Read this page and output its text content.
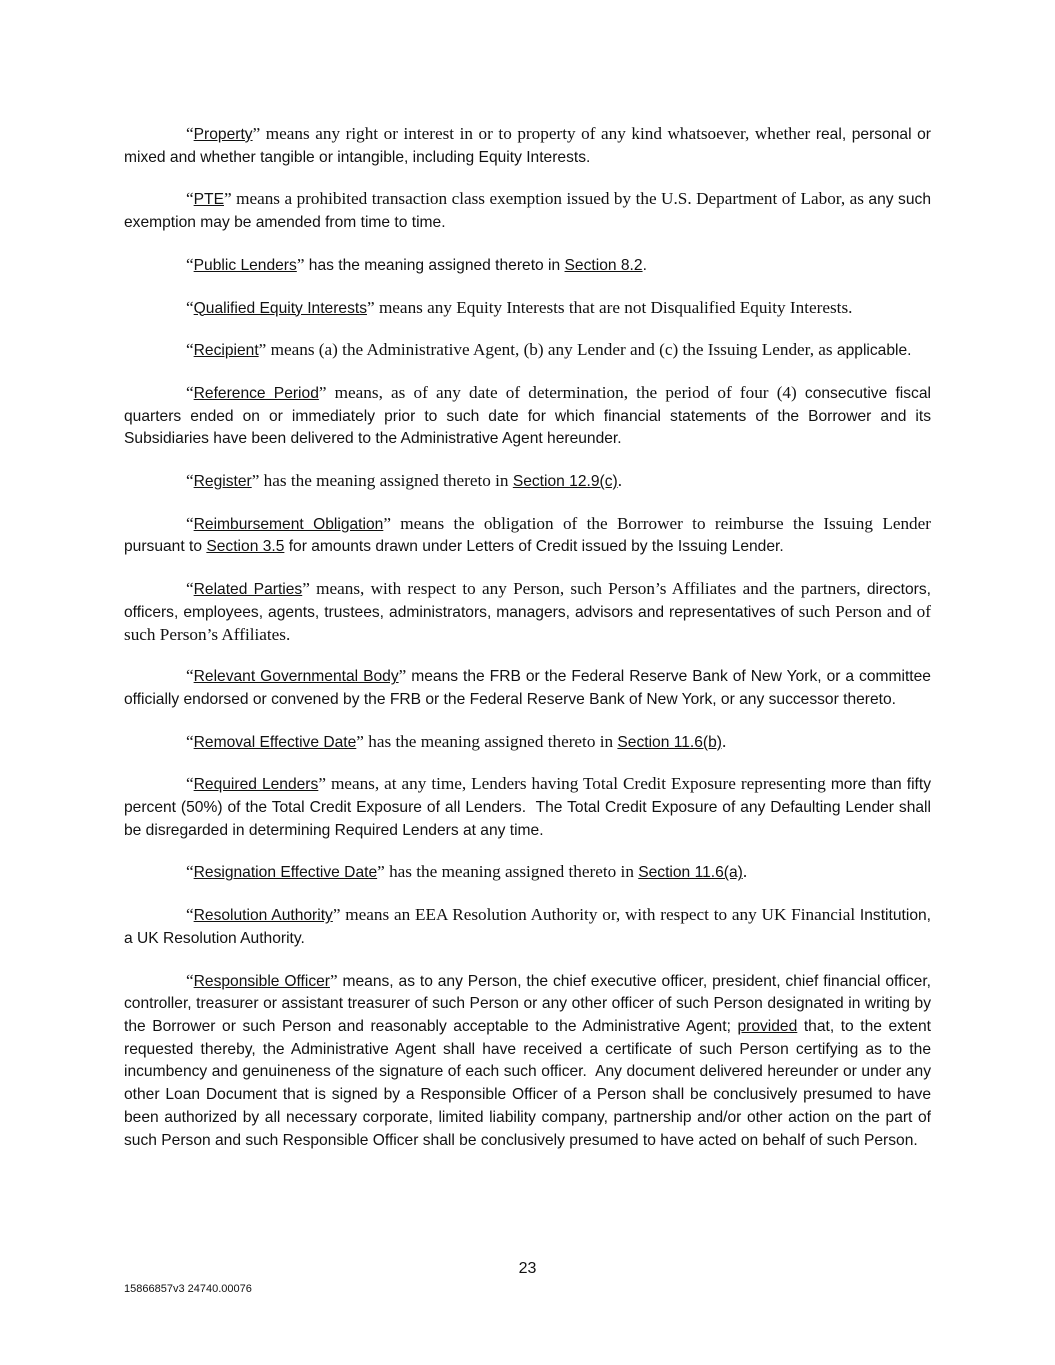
“Property” means any right or interest in or to property of any kind whatsoever, whether real, personal or mixed and whether tangible or intangible, including Equity Interests.

“PTE” means a prohibited transaction class exemption issued by the U.S. Department of Labor, as any such exemption may be amended from time to time.

“Public Lenders” has the meaning assigned thereto in Section 8.2.

“Qualified Equity Interests” means any Equity Interests that are not Disqualified Equity Interests.

“Recipient” means (a) the Administrative Agent, (b) any Lender and (c) the Issuing Lender, as applicable.

“Reference Period” means, as of any date of determination, the period of four (4) consecutive fiscal quarters ended on or immediately prior to such date for which financial statements of the Borrower and its Subsidiaries have been delivered to the Administrative Agent hereunder.

“Register” has the meaning assigned thereto in Section 12.9(c).

“Reimbursement Obligation” means the obligation of the Borrower to reimburse the Issuing Lender pursuant to Section 3.5 for amounts drawn under Letters of Credit issued by the Issuing Lender.

“Related Parties” means, with respect to any Person, such Person’s Affiliates and the partners, directors, officers, employees, agents, trustees, administrators, managers, advisors and representatives of such Person and of such Person’s Affiliates.

“Relevant Governmental Body” means the FRB or the Federal Reserve Bank of New York, or a committee officially endorsed or convened by the FRB or the Federal Reserve Bank of New York, or any successor thereto.

“Removal Effective Date” has the meaning assigned thereto in Section 11.6(b).

“Required Lenders” means, at any time, Lenders having Total Credit Exposure representing more than fifty percent (50%) of the Total Credit Exposure of all Lenders.  The Total Credit Exposure of any Defaulting Lender shall be disregarded in determining Required Lenders at any time.

“Resignation Effective Date” has the meaning assigned thereto in Section 11.6(a).

“Resolution Authority” means an EEA Resolution Authority or, with respect to any UK Financial Institution, a UK Resolution Authority.

“Responsible Officer” means, as to any Person, the chief executive officer, president, chief financial officer, controller, treasurer or assistant treasurer of such Person or any other officer of such Person designated in writing by the Borrower or such Person and reasonably acceptable to the Administrative Agent; provided that, to the extent requested thereby, the Administrative Agent shall have received a certificate of such Person certifying as to the incumbency and genuineness of the signature of each such officer.  Any document delivered hereunder or under any other Loan Document that is signed by a Responsible Officer of a Person shall be conclusively presumed to have been authorized by all necessary corporate, limited liability company, partnership and/or other action on the part of such Person and such Responsible Officer shall be conclusively presumed to have acted on behalf of such Person.

23
15866857v3 24740.00076
